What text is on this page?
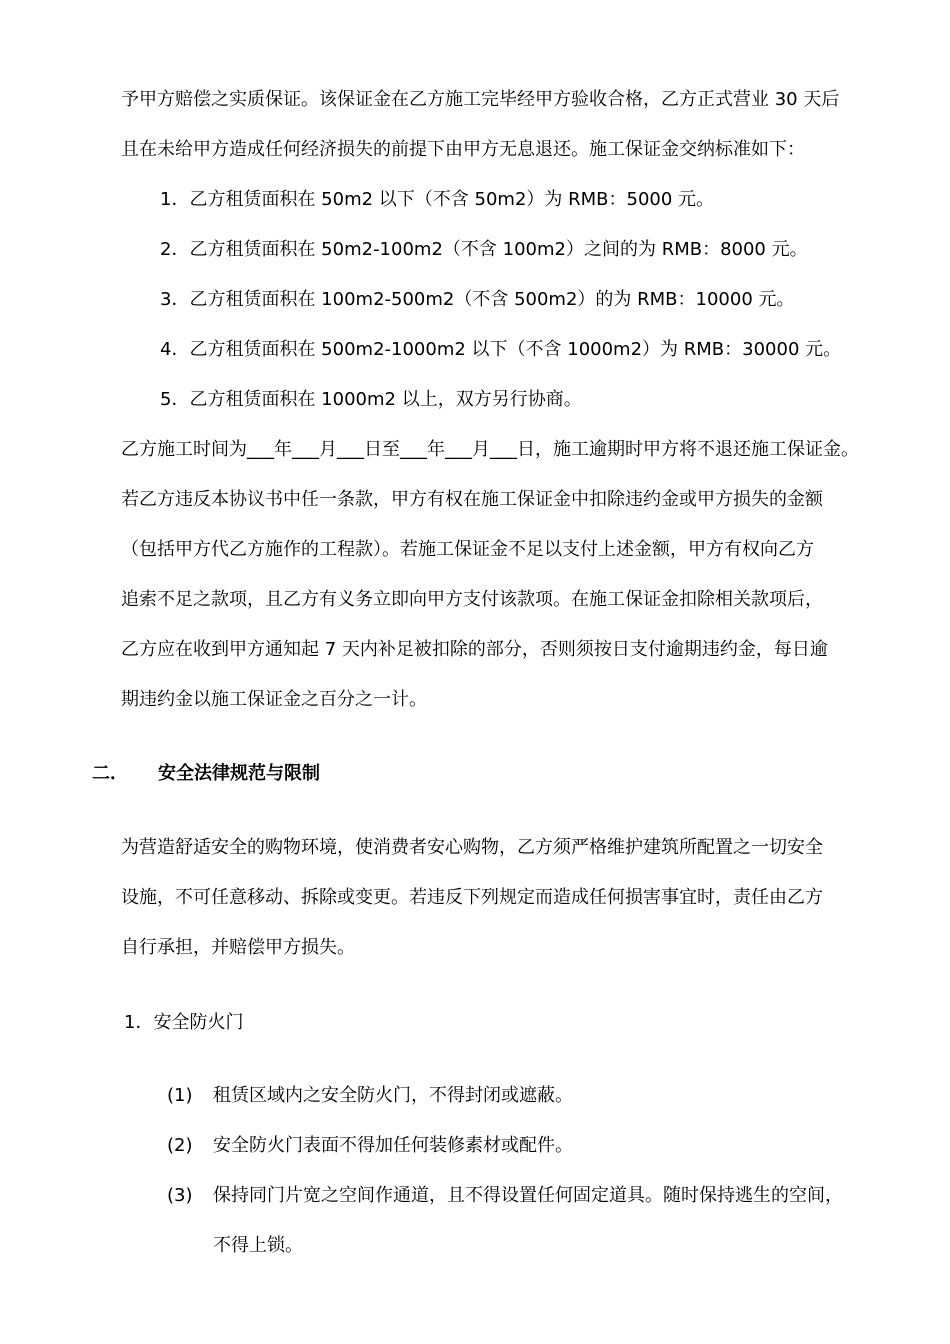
予甲方赔偿之实质保证。该保证金在乙方施工完毕经甲方验收合格，乙方正式营业 30 天后
且在未给甲方造成任何经济损失的前提下由甲方无息退还。施工保证金交纳标准如下：
1．乙方租赁面积在 50m2 以下（不含 50m2）为 RMB：5000 元。
2．乙方租赁面积在 50m2-100m2（不含 100m2）之间的为 RMB：8000 元。
3．乙方租赁面积在 100m2-500m2（不含 500m2）的为 RMB：10000 元。
4．乙方租赁面积在 500m2-1000m2 以下（不含 1000m2）为 RMB：30000 元。
5．乙方租赁面积在 1000m2 以上，双方另行协商。
乙方施工时间为___年___月___日至___年___月___日，施工逾期时甲方将不退还施工保证金。
若乙方违反本协议书中任一条款，甲方有权在施工保证金中扣除违约金或甲方损失的金额
（包括甲方代乙方施作的工程款）。若施工保证金不足以支付上述金额，甲方有权向乙方
追索不足之款项，且乙方有义务立即向甲方支付该款项。在施工保证金扣除相关款项后，
乙方应在收到甲方通知起 7 天内补足被扣除的部分，否则须按日支付逾期违约金，每日逾
期违约金以施工保证金之百分之一计。
二． 安全法律规范与限制
为营造舒适安全的购物环境，使消费者安心购物，乙方须严格维护建筑所配置之一切安全
设施，不可任意移动、拆除或变更。若违反下列规定而造成任何损害事宜时，责任由乙方
自行承担，并赔偿甲方损失。
1．安全防火门
(1) 租赁区域内之安全防火门，不得封闭或遮蔽。
(2) 安全防火门表面不得加任何装修素材或配件。
(3) 保持同门片宽之空间作通道，且不得设置任何固定道具。随时保持逃生的空间，
不得上锁。
